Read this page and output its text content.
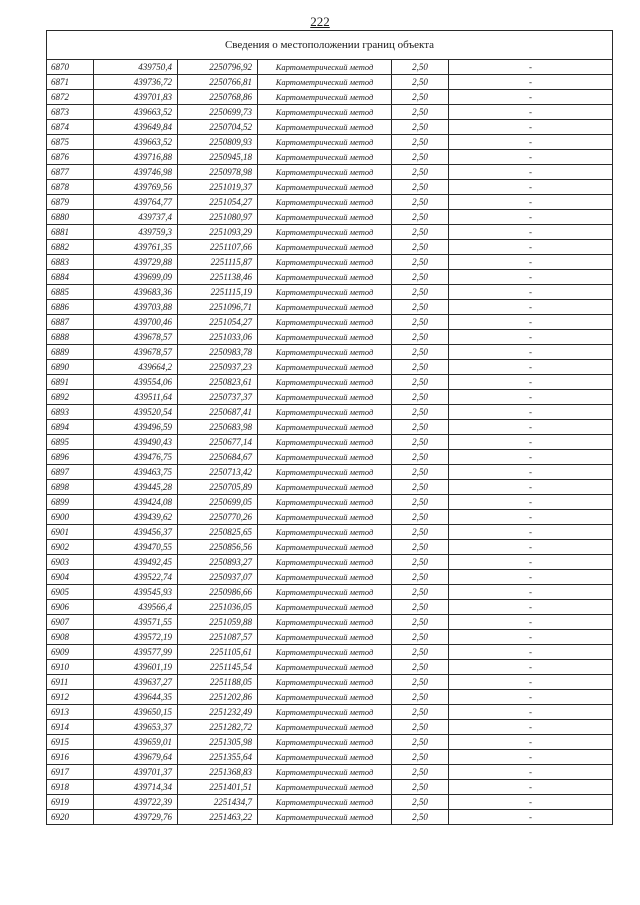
222
Сведения о местоположении границ объекта					
6870	439750,4	2250796,92	Картометрический метод	2,50	-
6871	439736,72	2250766,81	Картометрический метод	2,50	-
6872	439701,83	2250768,86	Картометрический метод	2,50	-
6873	439663,52	2250699,73	Картометрический метод	2,50	-
6874	439649,84	2250704,52	Картометрический метод	2,50	-
6875	439663,52	2250809,93	Картометрический метод	2,50	-
6876	439716,88	2250945,18	Картометрический метод	2,50	-
6877	439746,98	2250978,98	Картометрический метод	2,50	-
6878	439769,56	2251019,37	Картометрический метод	2,50	-
6879	439764,77	2251054,27	Картометрический метод	2,50	-
6880	439737,4	2251080,97	Картометрический метод	2,50	-
6881	439759,3	2251093,29	Картометрический метод	2,50	-
6882	439761,35	2251107,66	Картометрический метод	2,50	-
6883	439729,88	2251115,87	Картометрический метод	2,50	-
6884	439699,09	2251138,46	Картометрический метод	2,50	-
6885	439683,36	2251115,19	Картометрический метод	2,50	-
6886	439703,88	2251096,71	Картометрический метод	2,50	-
6887	439700,46	2251054,27	Картометрический метод	2,50	-
6888	439678,57	2251033,06	Картометрический метод	2,50	-
6889	439678,57	2250983,78	Картометрический метод	2,50	-
6890	439664,2	2250937,23	Картометрический метод	2,50	-
6891	439554,06	2250823,61	Картометрический метод	2,50	-
6892	439511,64	2250737,37	Картометрический метод	2,50	-
6893	439520,54	2250687,41	Картометрический метод	2,50	-
6894	439496,59	2250683,98	Картометрический метод	2,50	-
6895	439490,43	2250677,14	Картометрический метод	2,50	-
6896	439476,75	2250684,67	Картометрический метод	2,50	-
6897	439463,75	2250713,42	Картометрический метод	2,50	-
6898	439445,28	2250705,89	Картометрический метод	2,50	-
6899	439424,08	2250699,05	Картометрический метод	2,50	-
6900	439439,62	2250770,26	Картометрический метод	2,50	-
6901	439456,37	2250825,65	Картометрический метод	2,50	-
6902	439470,55	2250856,56	Картометрический метод	2,50	-
6903	439492,45	2250893,27	Картометрический метод	2,50	-
6904	439522,74	2250937,07	Картометрический метод	2,50	-
6905	439545,93	2250986,66	Картометрический метод	2,50	-
6906	439566,4	2251036,05	Картометрический метод	2,50	-
6907	439571,55	2251059,88	Картометрический метод	2,50	-
6908	439572,19	2251087,57	Картометрический метод	2,50	-
6909	439577,99	2251105,61	Картометрический метод	2,50	-
6910	439601,19	2251145,54	Картометрический метод	2,50	-
6911	439637,27	2251188,05	Картометрический метод	2,50	-
6912	439644,35	2251202,86	Картометрический метод	2,50	-
6913	439650,15	2251232,49	Картометрический метод	2,50	-
6914	439653,37	2251282,72	Картометрический метод	2,50	-
6915	439659,01	2251305,98	Картометрический метод	2,50	-
6916	439679,64	2251355,64	Картометрический метод	2,50	-
6917	439701,37	2251368,83	Картометрический метод	2,50	-
6918	439714,34	2251401,51	Картометрический метод	2,50	-
6919	439722,39	2251434,7	Картометрический метод	2,50	-
6920	439729,76	2251463,22	Картометрический метод	2,50	-
